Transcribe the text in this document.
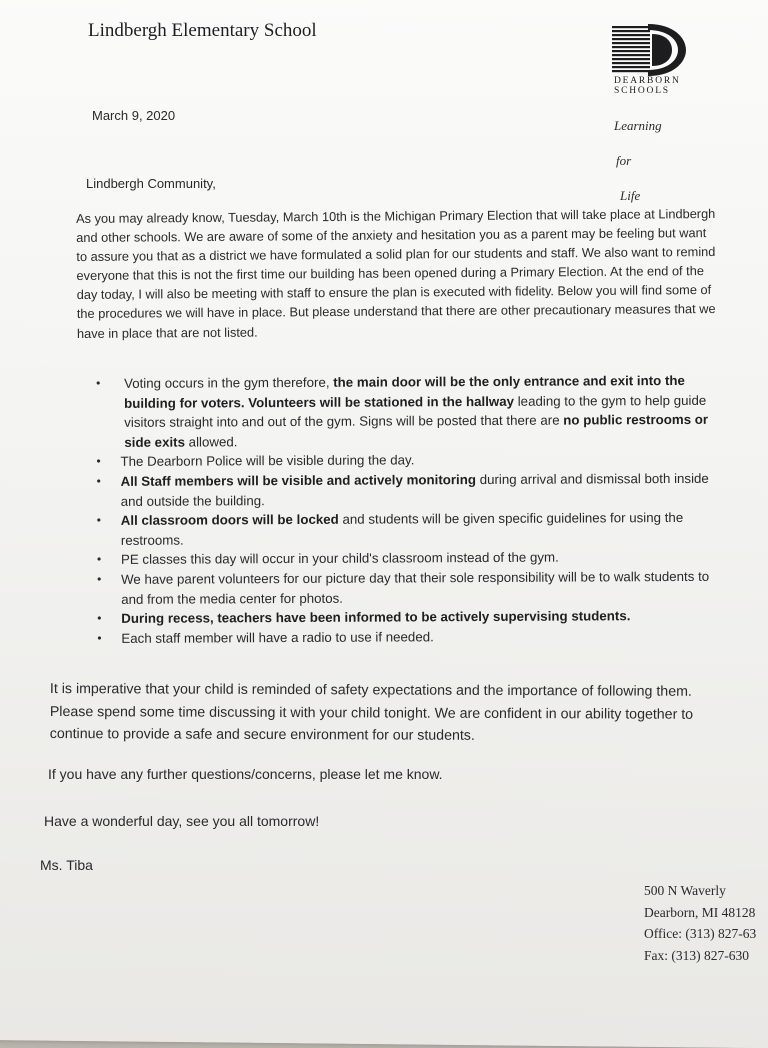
Lindbergh Elementary School
DEARBORN
SCHOOLS
Learning
for
Life
March 9, 2020
Lindbergh Community,

As you may already know, Tuesday, March 10th is the Michigan Primary Election that will take place at Lindbergh and other schools. We are aware of some of the anxiety and hesitation you as a parent may be feeling but want to assure you that as a district we have formulated a solid plan for our students and staff. We also want to remind everyone that this is not the first time our building has been opened during a Primary Election. At the end of the day today, I will also be meeting with staff to ensure the plan is executed with fidelity. Below you will find some of the procedures we will have in place. But please understand that there are other precautionary measures that we have in place that are not listed.

• Voting occurs in the gym therefore, the main door will be the only entrance and exit into the building for voters. Volunteers will be stationed in the hallway leading to the gym to help guide visitors straight into and out of the gym. Signs will be posted that there are no public restrooms or side exits allowed.
• The Dearborn Police will be visible during the day.
• All Staff members will be visible and actively monitoring during arrival and dismissal both inside and outside the building.
• All classroom doors will be locked and students will be given specific guidelines for using the restrooms.
• PE classes this day will occur in your child's classroom instead of the gym.
• We have parent volunteers for our picture day that their sole responsibility will be to walk students to and from the media center for photos.
• During recess, teachers have been informed to be actively supervising students.
• Each staff member will have a radio to use if needed.

It is imperative that your child is reminded of safety expectations and the importance of following them. Please spend some time discussing it with your child tonight. We are confident in our ability together to continue to provide a safe and secure environment for our students.

If you have any further questions/concerns, please let me know.
Have a wonderful day, see you all tomorrow!
Ms. Tiba
500 N Waverly
Dearborn, MI 48128
Office: (313) 827-63
Fax: (313) 827-630
